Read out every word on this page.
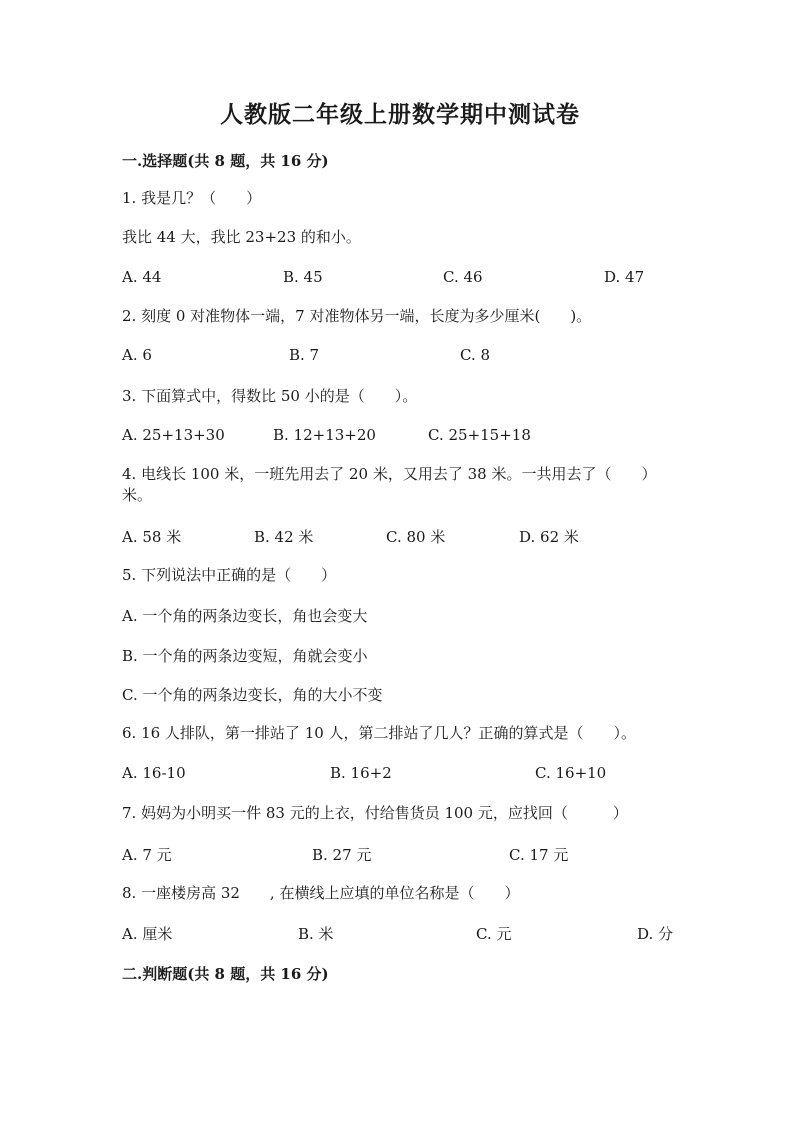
人教版二年级上册数学期中测试卷
一.选择题(共 8 题，共 16 分)
1. 我是几？（　　）
我比 44 大，我比 23+23 的和小。
A. 44	B. 45	C. 46	D. 47
2. 刻度 0 对准物体一端，7 对准物体另一端，长度为多少厘米(　　)。
A. 6	B. 7	C. 8
3. 下面算式中，得数比 50 小的是（　　）。
A. 25+13+30	B. 12+13+20	C. 25+15+18
4. 电线长 100 米，一班先用去了 20 米，又用去了 38 米。一共用去了（　　）米。
A. 58 米	B. 42 米	C. 80 米	D. 62 米
5. 下列说法中正确的是（　　）
A. 一个角的两条边变长，角也会变大
B. 一个角的两条边变短，角就会变小
C. 一个角的两条边变长，角的大小不变
6. 16 人排队，第一排站了 10 人，第二排站了几人？正确的算式是（　　）。
A. 16-10	B. 16+2	C. 16+10
7. 妈妈为小明买一件 83 元的上衣，付给售货员 100 元，应找回（　　　）
A. 7 元	B. 27 元	C. 17 元
8. 一座楼房高 32　　, 在横线上应填的单位名称是（　　）
A. 厘米	B. 米	C. 元	D. 分
二.判断题(共 8 题，共 16 分)
